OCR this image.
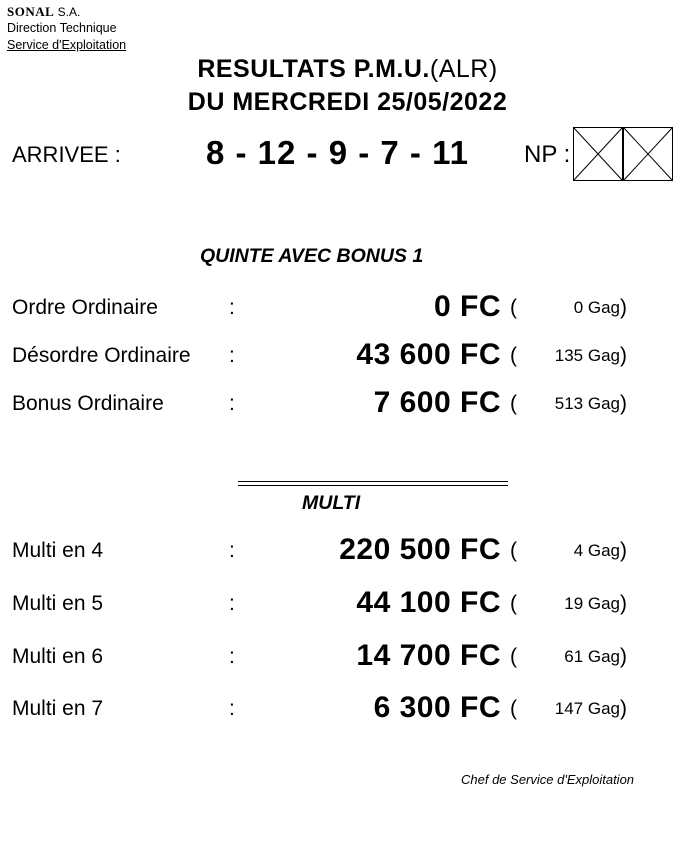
SONAL S.A.
Direction Technique
Service d'Exploitation
RESULTATS P.M.U.(ALR)
DU MERCREDI 25/05/2022
ARRIVEE :	8 - 12 - 9 - 7 - 11 NP :
QUINTE AVEC BONUS 1
Ordre Ordinaire	:	0 FC (	0 Gag )
Désordre Ordinaire :	43 600 FC ( 135 Gag )
Bonus Ordinaire	:	7 600 FC ( 513 Gag )
MULTI
Multi en 4	:	220 500 FC (	4 Gag )
Multi en 5	:	44 100 FC (	19 Gag )
Multi en 6	:	14 700 FC (	61 Gag )
Multi en 7	:	6 300 FC ( 147 Gag )
Chef de Service d'Exploitation
